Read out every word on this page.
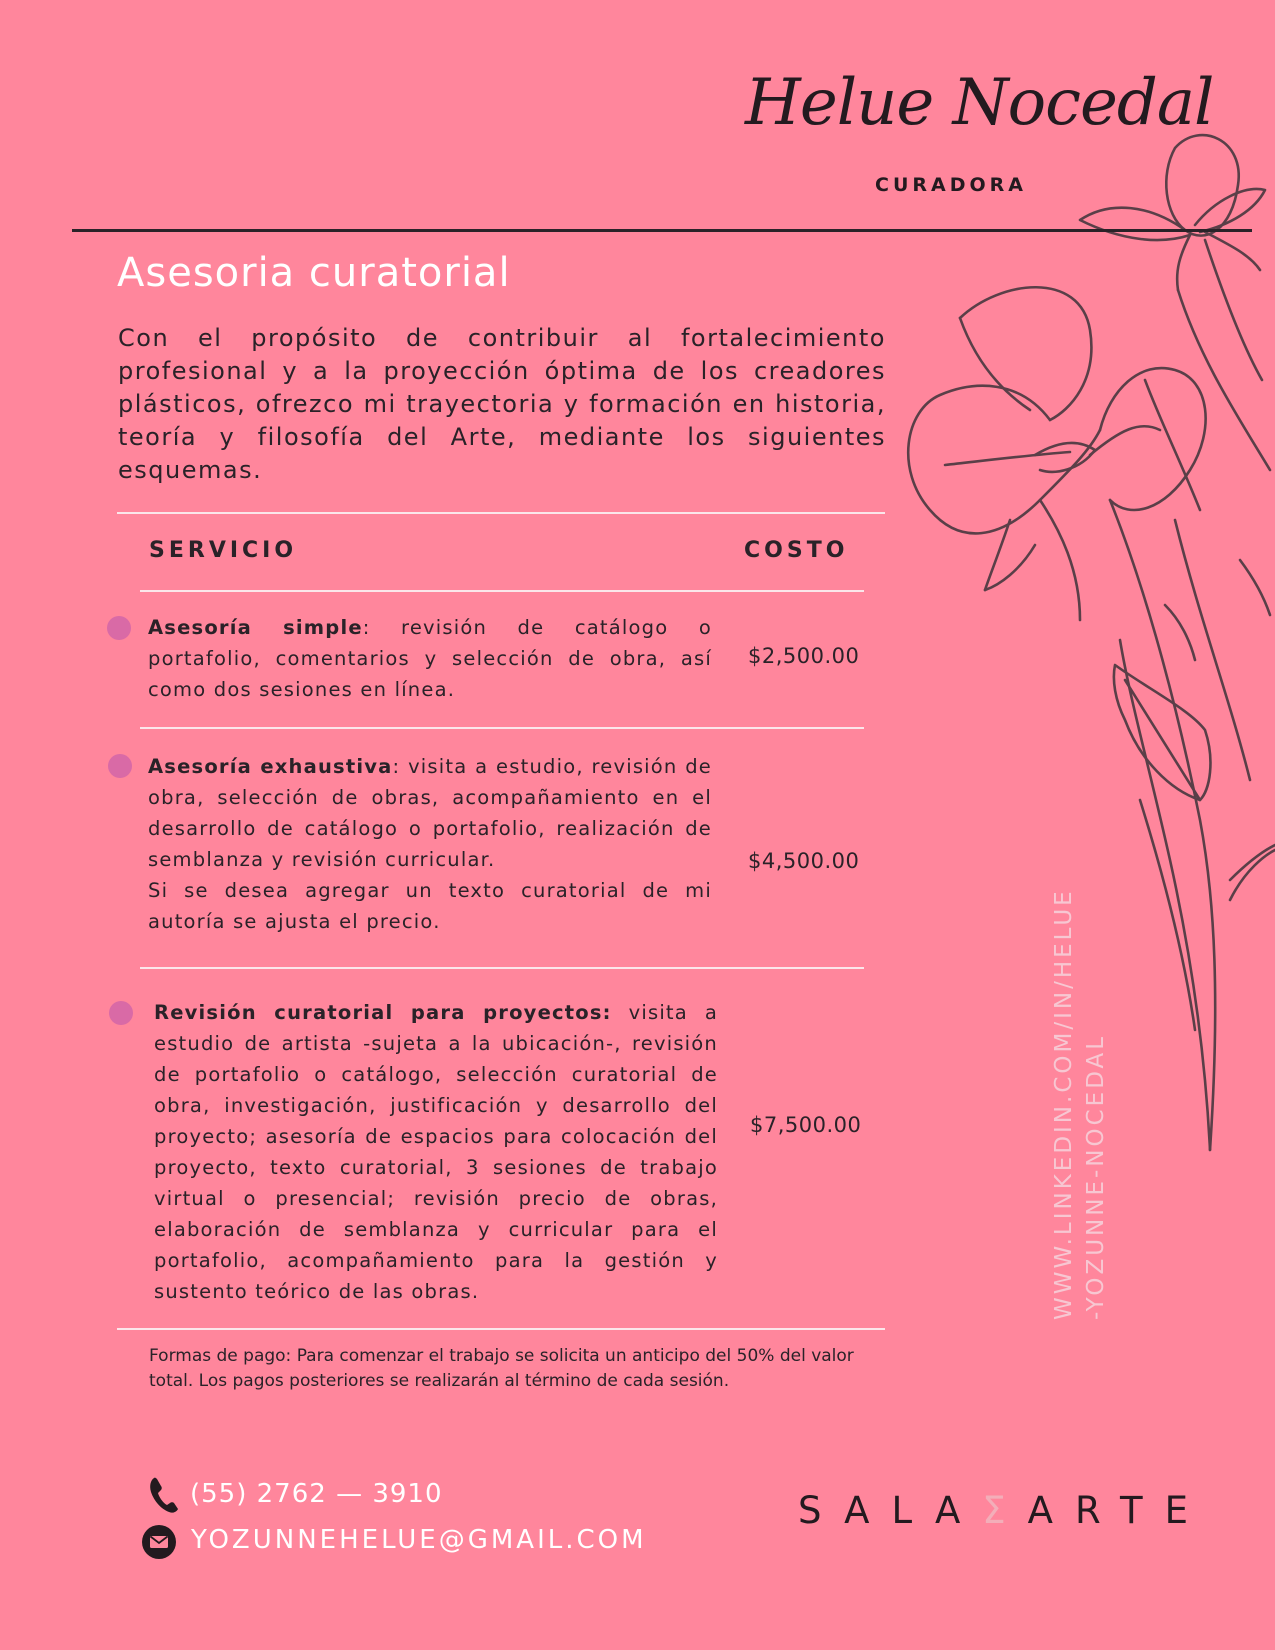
Helue Nocedal
CURADORA
Asesoria curatorial
Con el propósito de contribuir al fortalecimiento profesional y a la proyección óptima de los creadores plásticos, ofrezco mi trayectoria y formación en historia, teoría y filosofía del Arte, mediante los siguientes esquemas.
SERVICIO	COSTO
Asesoría simple: revisión de catálogo o portafolio, comentarios y selección de obra, así como dos sesiones en línea.
$2,500.00
Asesoría exhaustiva: visita a estudio, revisión de obra, selección de obras, acompañamiento en el desarrollo de catálogo o portafolio, realización de semblanza y revisión curricular.
Si se desea agregar un texto curatorial de mi autoría se ajusta el precio.
$4,500.00
Revisión curatorial para proyectos: visita a estudio de artista -sujeta a la ubicación-, revisión de portafolio o catálogo, selección curatorial de obra, investigación, justificación y desarrollo del proyecto; asesoría de espacios para colocación del proyecto, texto curatorial, 3 sesiones de trabajo virtual o presencial; revisión precio de obras, elaboración de semblanza y curricular para el portafolio, acompañamiento para la gestión y sustento teórico de las obras.
$7,500.00
Formas de pago: Para comenzar el trabajo se solicita un anticipo del 50% del valor total. Los pagos posteriores se realizarán al término de cada sesión.
WWW.LINKEDIN.COM/IN/HELUE -YOZUNNE-NOCEDAL
(55) 2762 — 3910
YOZUNNEHELUE@GMAIL.COM
SALAƩARTE
